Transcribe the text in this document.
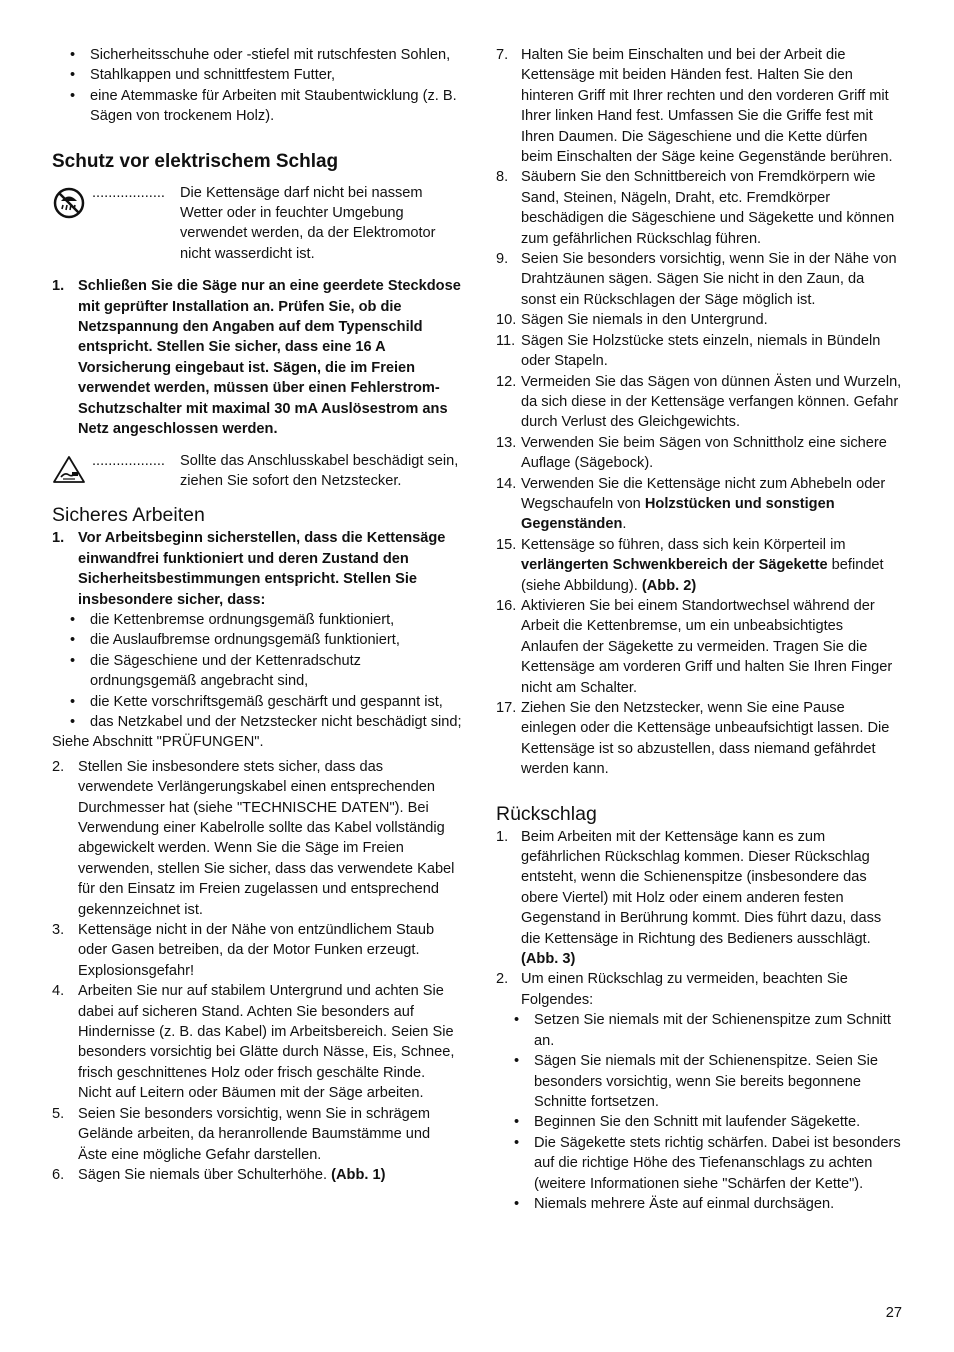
• Sicherheitsschuhe oder -stiefel mit rutschfesten Sohlen,
• Stahlkappen und schnittfestem Futter,
• eine Atemmaske für Arbeiten mit Staubentwicklung (z. B. Sägen von trockenem Holz).
Schutz vor elektrischem Schlag
.................. Die Kettensäge darf nicht bei nassem Wetter oder in feuchter Umgebung verwendet werden, da der Elektromotor nicht wasserdicht ist.
1. Schließen Sie die Säge nur an eine geerdete Steckdose mit geprüfter Installation an. Prüfen Sie, ob die Netzspannung den Angaben auf dem Typenschild entspricht. Stellen Sie sicher, dass eine 16 A Vorsicherung eingebaut ist. Sägen, die im Freien verwendet werden, müssen über einen Fehlerstrom-Schutzschalter mit maximal 30 mA Auslösestrom ans Netz angeschlossen werden.
.................. Sollte das Anschlusskabel beschädigt sein, ziehen Sie sofort den Netzstecker.
Sicheres Arbeiten
1. Vor Arbeitsbeginn sicherstellen, dass die Kettensäge einwandfrei funktioniert und deren Zustand den Sicherheitsbestimmungen entspricht. Stellen Sie insbesondere sicher, dass:
• die Kettenbremse ordnungsgemäß funktioniert,
• die Auslaufbremse ordnungsgemäß funktioniert,
• die Sägeschiene und der Kettenradschutz ordnungsgemäß angebracht sind,
• die Kette vorschriftsgemäß geschärft und gespannt ist,
• das Netzkabel und der Netzstecker nicht beschädigt sind;

Siehe Abschnitt "PRÜFUNGEN".

2. Stellen Sie insbesondere stets sicher, dass das verwendete Verlängerungskabel einen entsprechenden Durchmesser hat (siehe "TECHNISCHE DATEN"). Bei Verwendung einer Kabelrolle sollte das Kabel vollständig abgewickelt werden. Wenn Sie die Säge im Freien verwenden, stellen Sie sicher, dass das verwendete Kabel für den Einsatz im Freien zugelassen und entsprechend gekennzeichnet ist.
3. Kettensäge nicht in der Nähe von entzündlichem Staub oder Gasen betreiben, da der Motor Funken erzeugt. Explosionsgefahr!
4. Arbeiten Sie nur auf stabilem Untergrund und achten Sie dabei auf sicheren Stand. Achten Sie besonders auf Hindernisse (z. B. das Kabel) im Arbeitsbereich. Seien Sie besonders vorsichtig bei Glätte durch Nässe, Eis, Schnee, frisch geschnittenes Holz oder frisch geschälte Rinde. Nicht auf Leitern oder Bäumen mit der Säge arbeiten.
5. Seien Sie besonders vorsichtig, wenn Sie in schrägem Gelände arbeiten, da heranrollende Baumstämme und Äste eine mögliche Gefahr darstellen.
6. Sägen Sie niemals über Schulterhöhe. (Abb. 1)
7. Halten Sie beim Einschalten und bei der Arbeit die Kettensäge mit beiden Händen fest. Halten Sie den hinteren Griff mit Ihrer rechten und den vorderen Griff mit Ihrer linken Hand fest. Umfassen Sie die Griffe fest mit Ihren Daumen. Die Sägeschiene und die Kette dürfen beim Einschalten der Säge keine Gegenstände berühren.
8. Säubern Sie den Schnittbereich von Fremdkörpern wie Sand, Steinen, Nägeln, Draht, etc. Fremdkörper beschädigen die Sägeschiene und Sägekette und können zum gefährlichen Rückschlag führen.
9. Seien Sie besonders vorsichtig, wenn Sie in der Nähe von Drahtzäunen sägen. Sägen Sie nicht in den Zaun, da sonst ein Rückschlagen der Säge möglich ist.
10. Sägen Sie niemals in den Untergrund.
11. Sägen Sie Holzstücke stets einzeln, niemals in Bündeln oder Stapeln.
12. Vermeiden Sie das Sägen von dünnen Ästen und Wurzeln, da sich diese in der Kettensäge verfangen können. Gefahr durch Verlust des Gleichgewichts.
13. Verwenden Sie beim Sägen von Schnittholz eine sichere Auflage (Sägebock).
14. Verwenden Sie die Kettensäge nicht zum Abhebeln oder Wegschaufeln von Holzstücken und sonstigen Gegenständen.
15. Kettensäge so führen, dass sich kein Körperteil im verlängerten Schwenkbereich der Sägekette befindet (siehe Abbildung). (Abb. 2)
16. Aktivieren Sie bei einem Standortwechsel während der Arbeit die Kettenbremse, um ein unbeabsichtigtes Anlaufen der Sägekette zu vermeiden. Tragen Sie die Kettensäge am vorderen Griff und halten Sie Ihren Finger nicht am Schalter.
17. Ziehen Sie den Netzstecker, wenn Sie eine Pause einlegen oder die Kettensäge unbeaufsichtigt lassen. Die Kettensäge ist so abzustellen, dass niemand gefährdet werden kann.
Rückschlag
1. Beim Arbeiten mit der Kettensäge kann es zum gefährlichen Rückschlag kommen. Dieser Rückschlag entsteht, wenn die Schienenspitze (insbesondere das obere Viertel) mit Holz oder einem anderen festen Gegenstand in Berührung kommt. Dies führt dazu, dass die Kettensäge in Richtung des Bedieners ausschlägt. (Abb. 3)
2. Um einen Rückschlag zu vermeiden, beachten Sie Folgendes:
• Setzen Sie niemals mit der Schienenspitze zum Schnitt an.
• Sägen Sie niemals mit der Schienenspitze. Seien Sie besonders vorsichtig, wenn Sie bereits begonnene Schnitte fortsetzen.
• Beginnen Sie den Schnitt mit laufender Sägekette.
• Die Sägekette stets richtig schärfen. Dabei ist besonders auf die richtige Höhe des Tiefenanschlags zu achten (weitere Informationen siehe "Schärfen der Kette").
• Niemals mehrere Äste auf einmal durchsägen.
27
